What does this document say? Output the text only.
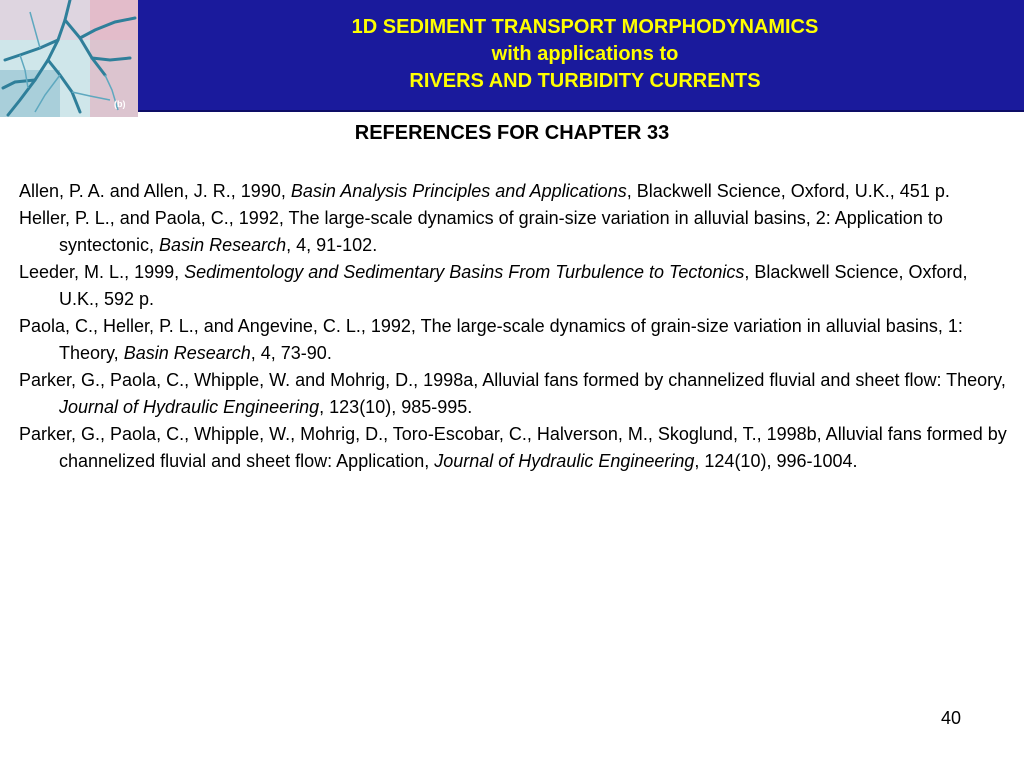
(b)
1D SEDIMENT TRANSPORT MORPHODYNAMICS
with applications to
RIVERS AND TURBIDITY CURRENTS
REFERENCES FOR CHAPTER 33
Allen, P. A. and Allen, J. R., 1990, Basin Analysis Principles and Applications, Blackwell Science, Oxford, U.K., 451 p.
Heller, P. L., and Paola, C., 1992, The large-scale dynamics of grain-size variation in alluvial basins, 2: Application to syntectonic, Basin Research, 4, 91-102.
Leeder, M. L., 1999, Sedimentology and Sedimentary Basins From Turbulence to Tectonics, Blackwell Science, Oxford, U.K., 592 p.
Paola, C., Heller, P. L., and Angevine, C. L., 1992, The large-scale dynamics of grain-size variation in alluvial basins, 1: Theory, Basin Research, 4, 73-90.
Parker, G., Paola, C., Whipple, W. and Mohrig, D., 1998a, Alluvial fans formed by channelized fluvial and sheet flow: Theory, Journal of Hydraulic Engineering, 123(10), 985-995.
Parker, G., Paola, C., Whipple, W., Mohrig, D., Toro-Escobar, C., Halverson, M., Skoglund, T., 1998b, Alluvial fans formed by channelized fluvial and sheet flow: Application, Journal of Hydraulic Engineering, 124(10), 996-1004.
40
